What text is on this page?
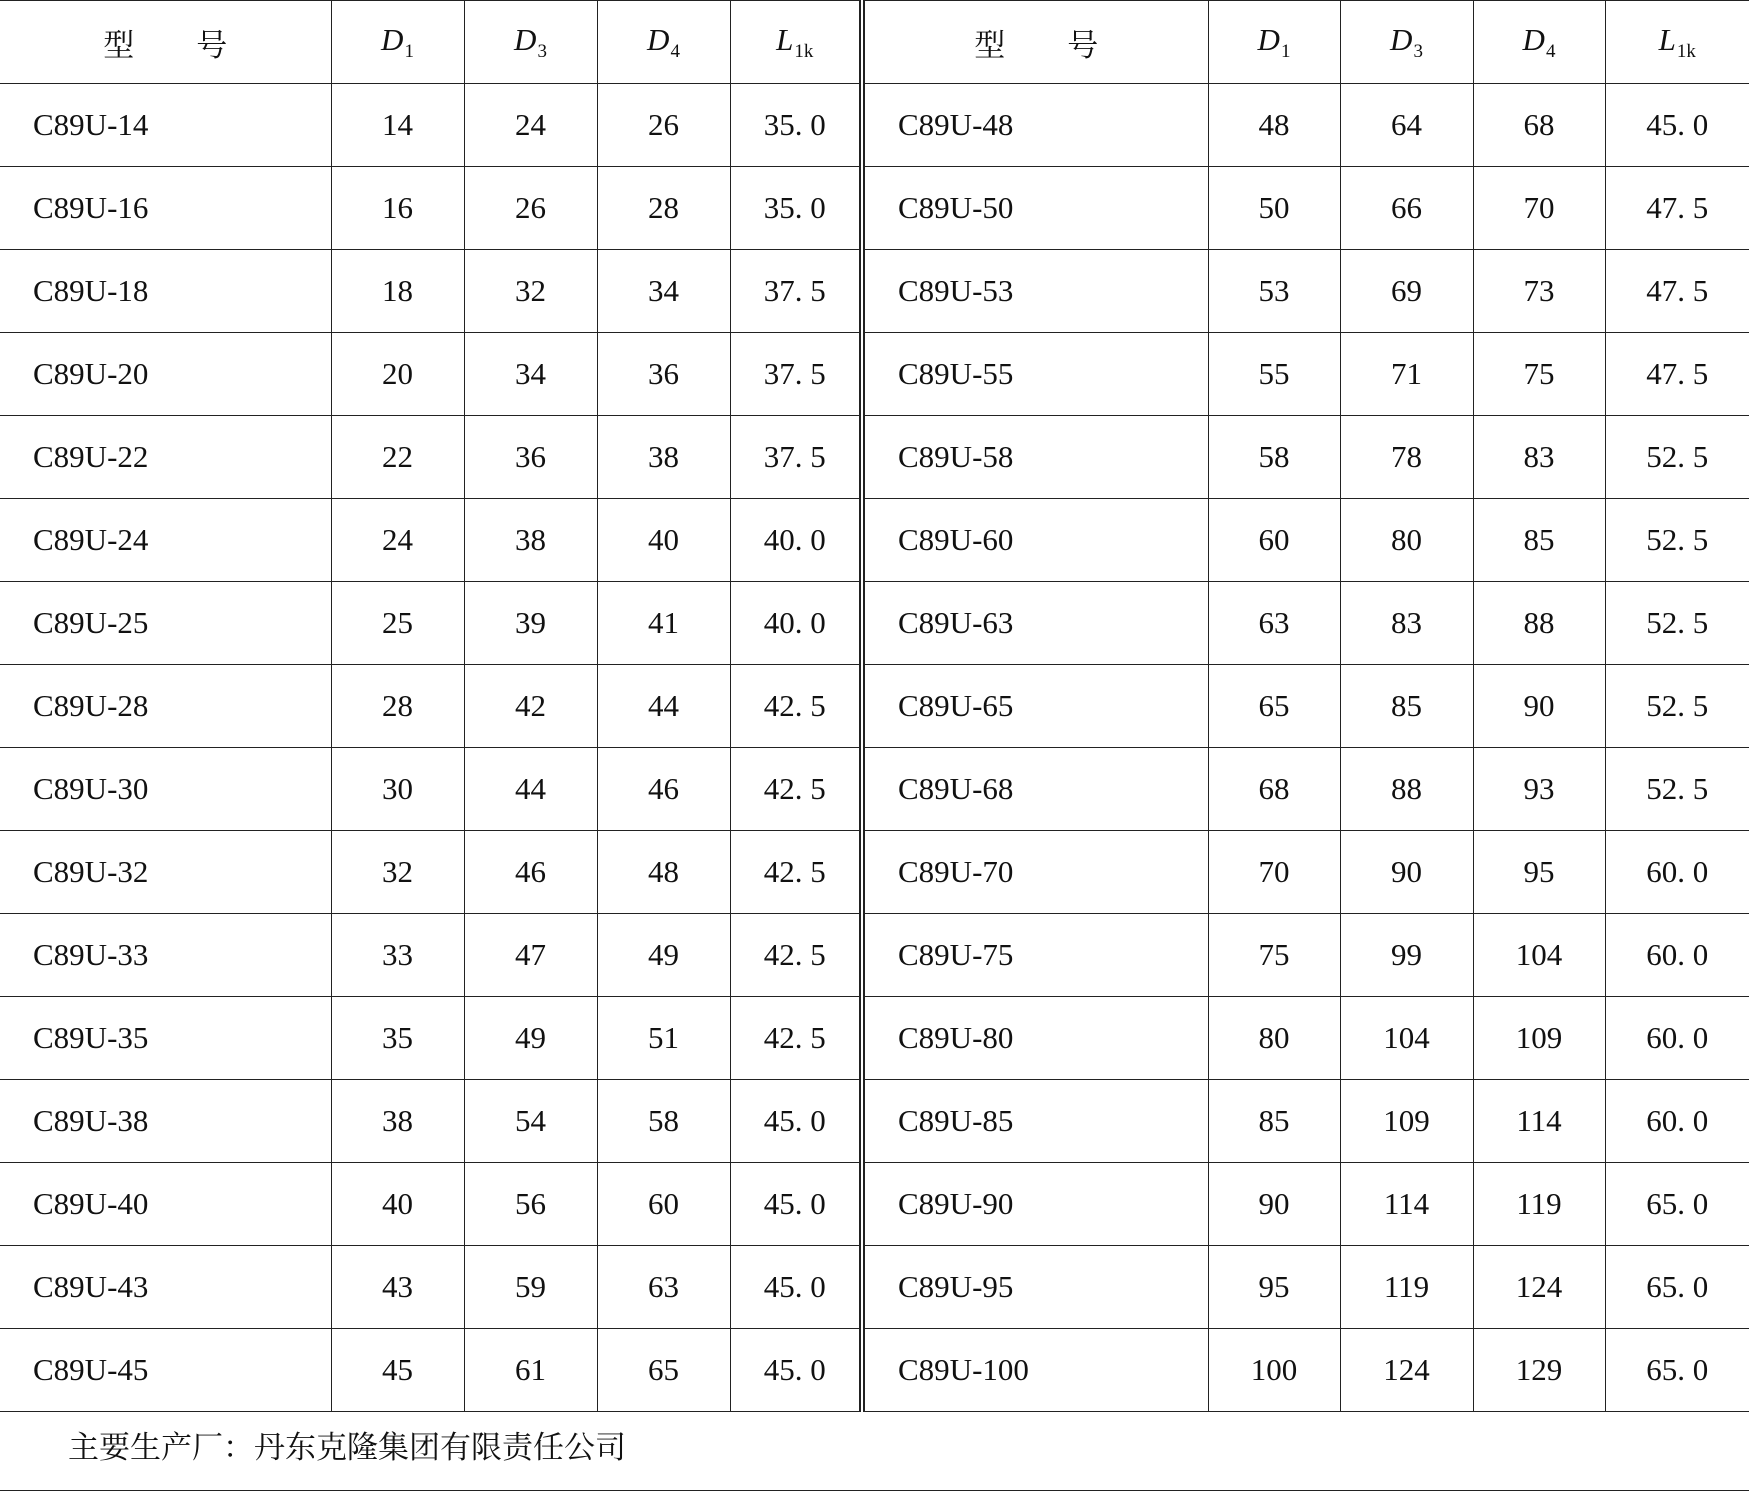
型 号	$D_1$	$D_3$	$D_4$	$L_{1k}$	型 号	$D_1$	$D_3$	$D_4$	$L_{1k}$
C89U-14	14	24	26	35. 0	C89U-48	48	64	68	45. 0
C89U-16	16	26	28	35. 0	C89U-50	50	66	70	47. 5
C89U-18	18	32	34	37. 5	C89U-53	53	69	73	47. 5
C89U-20	20	34	36	37. 5	C89U-55	55	71	75	47. 5
C89U-22	22	36	38	37. 5	C89U-58	58	78	83	52. 5
C89U-24	24	38	40	40. 0	C89U-60	60	80	85	52. 5
C89U-25	25	39	41	40. 0	C89U-63	63	83	88	52. 5
C89U-28	28	42	44	42. 5	C89U-65	65	85	90	52. 5
C89U-30	30	44	46	42. 5	C89U-68	68	88	93	52. 5
C89U-32	32	46	48	42. 5	C89U-70	70	90	95	60. 0
C89U-33	33	47	49	42. 5	C89U-75	75	99	104	60. 0
C89U-35	35	49	51	42. 5	C89U-80	80	104	109	60. 0
C89U-38	38	54	58	45. 0	C89U-85	85	109	114	60. 0
C89U-40	40	56	60	45. 0	C89U-90	90	114	119	65. 0
C89U-43	43	59	63	45. 0	C89U-95	95	119	124	65. 0
C89U-45	45	61	65	45. 0	C89U-100	100	124	129	65. 0
主要生产厂：丹东克隆集团有限责任公司
